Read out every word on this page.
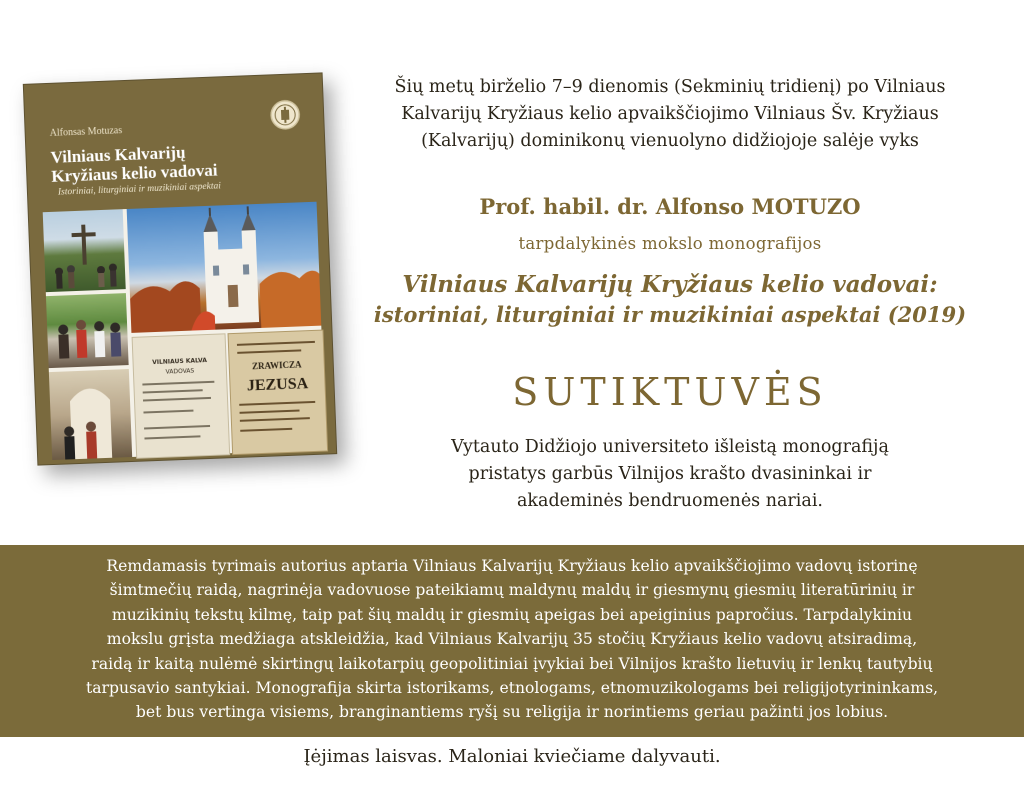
Alfonsas Motuzas
Vilniaus Kalvarijų
Kryžiaus kelio vadovai
Istoriniai, liturginiai ir muzikiniai aspektai
VILNIAUS KALVA
VADOVAS
ZRAWICZA
JEZUSA
Šių metų birželio 7–9 dienomis (Sekminių tridienį) po Vilniaus
Kalvarijų Kryžiaus kelio apvaikščiojimo Vilniaus Šv. Kryžiaus
(Kalvarijų) dominikonų vienuolyno didžiojoje salėje vyks
Prof. habil. dr. Alfonso MOTUZO
tarpdalykinės mokslo monografijos
Vilniaus Kalvarijų Kryžiaus kelio vadovai:
istoriniai, liturginiai ir muzikiniai aspektai (2019)
SUTIKTUVĖS
Vytauto Didžiojo universiteto išleistą monografiją
pristatys garbūs Vilnijos krašto dvasininkai ir
akademinės bendruomenės nariai.
Remdamasis tyrimais autorius aptaria Vilniaus Kalvarijų Kryžiaus kelio apvaikščiojimo vadovų istorinę
šimtmečių raidą, nagrinėja vadovuose pateikiamų maldynų maldų ir giesmynų giesmių literatūrinių ir
muzikinių tekstų kilmę, taip pat šių maldų ir giesmių apeigas bei apeiginius papročius. Tarpdalykiniu
mokslu grįsta medžiaga atskleidžia, kad Vilniaus Kalvarijų 35 stočių Kryžiaus kelio vadovų atsiradimą,
raidą ir kaitą nulėmė skirtingų laikotarpių geopolitiniai įvykiai bei Vilnijos krašto lietuvių ir lenkų tautybių
tarpusavio santykiai. Monografija skirta istorikams, etnologams, etnomuzikologams bei religijotyrininkams,
bet bus vertinga visiems, branginantiems ryšį su religija ir norintiems geriau pažinti jos lobius.
Įėjimas laisvas. Maloniai kviečiame dalyvauti.
